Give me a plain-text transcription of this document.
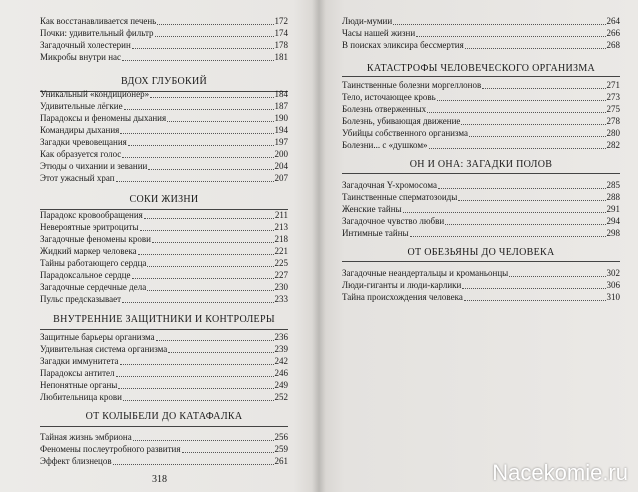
318
Как восстанавливается печень	172
Почки: удивительный фильтр	174
Загадочный холестерин	178
Микробы внутри нас	181
ВДОХ ГЛУБОКИЙ
Уникальный «кондиционер»	184
Удивительные лёгкие	187
Парадоксы и феномены дыхания	190
Командиры дыхания	194
Загадки чревовещания	197
Как образуется голос	200
Этюды о чихании и зевании	204
Этот ужасный храп	207
СОКИ ЖИЗНИ
Парадокс кровообращения	211
Невероятные эритроциты	213
Загадочные феномены крови	218
Жидкий маркер человека	221
Тайны работающего сердца	225
Парадоксальное сердце	227
Загадочные сердечные дела	230
Пульс предсказывает	233
ВНУТРЕННИЕ ЗАЩИТНИКИ И КОНТРОЛЕРЫ
Защитные барьеры организма	236
Удивительная система организма	239
Загадки иммунитета	242
Парадоксы антител	246
Непонятные органы	249
Любительница крови	252
ОТ КОЛЫБЕЛИ ДО КАТАФАЛКА
Тайная жизнь эмбриона	256
Феномены послеутробного развития	259
Эффект близнецов	261
Люди-мумии	264
Часы нашей жизни	266
В поисках эликсира бессмертия	268
КАТАСТРОФЫ ЧЕЛОВЕЧЕСКОГО ОРГАНИЗМА
Таинственные болезни моргеллонов	271
Тело, источающее кровь	273
Болезнь отверженных	275
Болезнь, убивающая движение	278
Убийцы собственного организма	280
Болезни... с «душком»	282
ОН И ОНА: ЗАГАДКИ ПОЛОВ
Загадочная Y-хромосома	285
Таинственные сперматозоиды	288
Женские тайны	291
Загадочное чувство любви	294
Интимные тайны	298
ОТ ОБЕЗЬЯНЫ ДО ЧЕЛОВЕКА
Загадочные неандертальцы и кроманьонцы	302
Люди-гиганты и люди-карлики	306
Тайна происхождения человека	310
Nacekomie.ru
